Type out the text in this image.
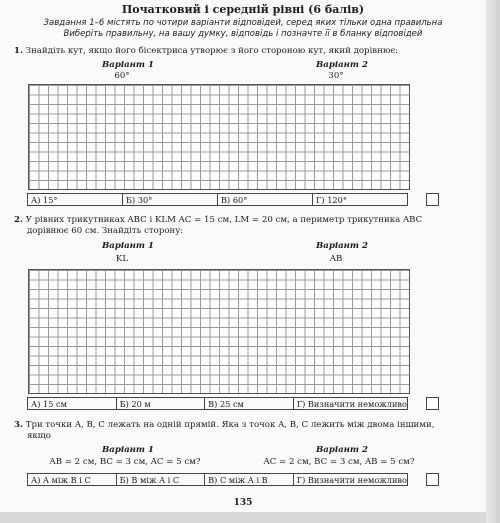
Початковий і середній рівні (6 балів)
Завдання 1–6 містять по чотири варіанти відповідей, серед яких тільки одна правильна
Виберіть правильну, на вашу думку, відповідь і позначте її в бланку відповідей
1. Знайдіть кут, якщо його бісектриса утворює з його стороною кут, який дорівнює:
Варіант 1
60°
Варіант 2
30°
А) 15°	Б) 30°	В) 60°	Г) 120°
2. У рівних трикутниках ABC і KLM AC = 15 см, LM = 20 см, а периметр трикутника ABC
дорівнює 60 см. Знайдіть сторону:
Варіант 1
KL
Варіант 2
AB
А) 15 см	Б) 20 м	В) 25 см	Г) Визначити неможливо
3. Три точки A, B, C лежать на одній прямій. Яка з точок A, B, C лежить між двома іншими,
якщо
Варіант 1
AB = 2 см, BC = 3 см, AC = 5 см?
Варіант 2
AC = 2 см, BC = 3 см, AB = 5 см?
А) A між B і C	Б) B між A і C	В) C між A і B	Г) Визначити неможливо
135
